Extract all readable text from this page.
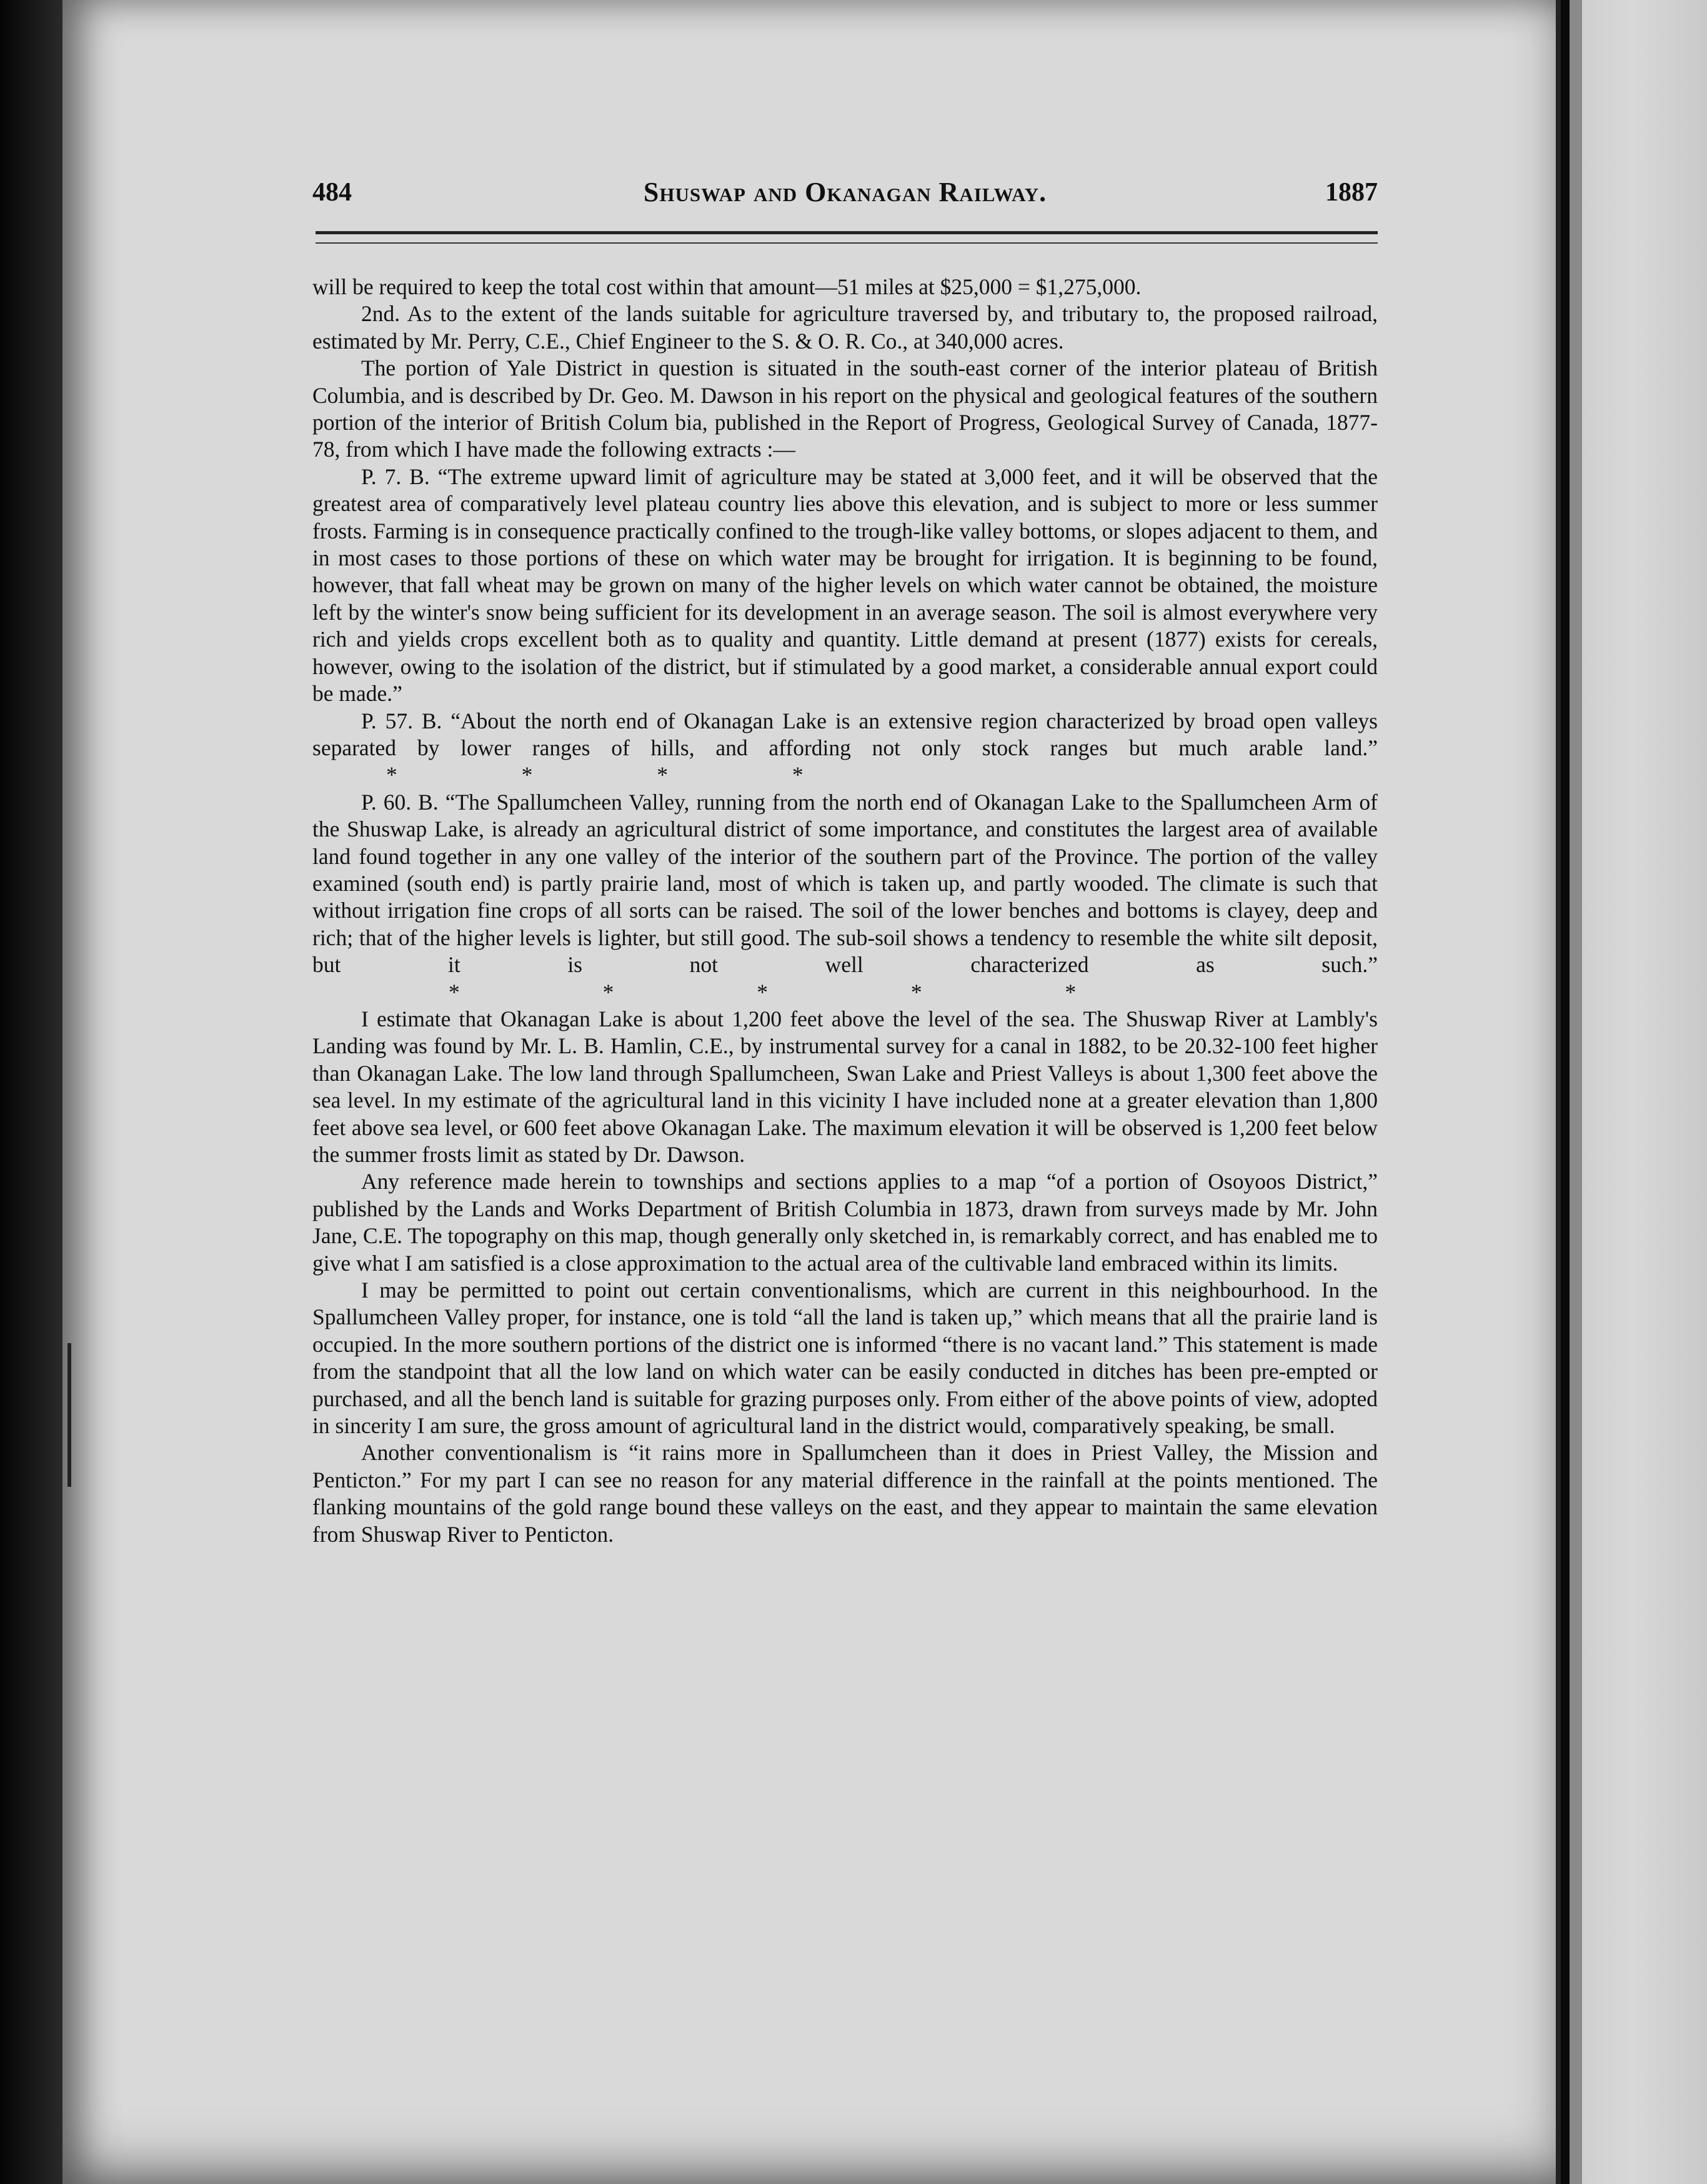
484	Shuswap and Okanagan Railway.	1887

will be required to keep the total cost within that amount—51 miles at $25,000 = $1,275,000.

2nd. As to the extent of the lands suitable for agriculture traversed by, and tributary to, the proposed railroad, estimated by Mr. Perry, C.E., Chief Engineer to the S. & O. R. Co., at 340,000 acres.

The portion of Yale District in question is situated in the south-east corner of the interior plateau of British Columbia, and is described by Dr. Geo. M. Dawson in his report on the physical and geological features of the southern portion of the interior of British Colum bia, published in the Report of Progress, Geological Survey of Canada, 1877-78, from which I have made the following extracts :—

P. 7. B. “The extreme upward limit of agriculture may be stated at 3,000 feet, and it will be observed that the greatest area of comparatively level plateau country lies above this elevation, and is subject to more or less summer frosts. Farming is in consequence practically confined to the trough-like valley bottoms, or slopes adjacent to them, and in most cases to those portions of these on which water may be brought for irrigation. It is beginning to be found, however, that fall wheat may be grown on many of the higher levels on which water cannot be obtained, the moisture left by the winter's snow being sufficient for its development in an average season. The soil is almost everywhere very rich and yields crops excellent both as to quality and quantity. Little demand at present (1877) exists for cereals, however, owing to the isolation of the district, but if stimulated by a good market, a considerable annual export could be made.”

P. 57. B. “About the north end of Okanagan Lake is an extensive region characterized by broad open valleys separated by lower ranges of hills, and affording not only stock ranges but much arable land.” * * * *

P. 60. B. “The Spallumcheen Valley, running from the north end of Okanagan Lake to the Spallumcheen Arm of the Shuswap Lake, is already an agricultural district of some importance, and constitutes the largest area of available land found together in any one valley of the interior of the southern part of the Province. The portion of the valley examined (south end) is partly prairie land, most of which is taken up, and partly wooded. The climate is such that without irrigation fine crops of all sorts can be raised. The soil of the lower benches and bottoms is clayey, deep and rich; that of the higher levels is lighter, but still good. The sub-soil shows a tendency to resemble the white silt deposit, but it is not well characterized as such.” * * * * *

I estimate that Okanagan Lake is about 1,200 feet above the level of the sea. The Shuswap River at Lambly's Landing was found by Mr. L. B. Hamlin, C.E., by instrumental survey for a canal in 1882, to be 20.32-100 feet higher than Okanagan Lake. The low land through Spallumcheen, Swan Lake and Priest Valleys is about 1,300 feet above the sea level. In my estimate of the agricultural land in this vicinity I have included none at a greater elevation than 1,800 feet above sea level, or 600 feet above Okanagan Lake. The maximum elevation it will be observed is 1,200 feet below the summer frosts limit as stated by Dr. Dawson.

Any reference made herein to townships and sections applies to a map “of a portion of Osoyoos District,” published by the Lands and Works Department of British Columbia in 1873, drawn from surveys made by Mr. John Jane, C.E. The topography on this map, though generally only sketched in, is remarkably correct, and has enabled me to give what I am satisfied is a close approximation to the actual area of the cultivable land embraced within its limits.

I may be permitted to point out certain conventionalisms, which are current in this neighbourhood. In the Spallumcheen Valley proper, for instance, one is told “all the land is taken up,” which means that all the prairie land is occupied. In the more southern portions of the district one is informed “there is no vacant land.” This statement is made from the standpoint that all the low land on which water can be easily conducted in ditches has been pre-empted or purchased, and all the bench land is suitable for grazing purposes only. From either of the above points of view, adopted in sincerity I am sure, the gross amount of agricultural land in the district would, comparatively speaking, be small.

Another conventionalism is “it rains more in Spallumcheen than it does in Priest Valley, the Mission and Penticton.” For my part I can see no reason for any material difference in the rainfall at the points mentioned. The flanking mountains of the gold range bound these valleys on the east, and they appear to maintain the same elevation from Shuswap River to Penticton.
